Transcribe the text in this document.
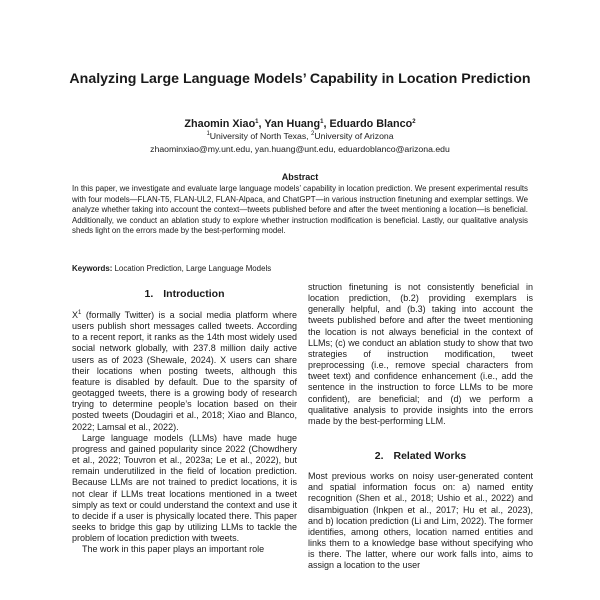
Analyzing Large Language Models’ Capability in Location Prediction
Zhaomin Xiao$^1$, Yan Huang$^1$, Eduardo Blanco$^2$
$^1$University of North Texas, $^2$University of Arizona
zhaominxiao@my.unt.edu, yan.huang@unt.edu, eduardoblanco@arizona.edu
Abstract
In this paper, we investigate and evaluate large language models’ capability in location prediction. We present experimental results with four models—FLAN-T5, FLAN-UL2, FLAN-Alpaca, and ChatGPT—in various instruction finetuning and exemplar settings. We analyze whether taking into account the context—tweets published before and after the tweet mentioning a location—is beneficial. Additionally, we conduct an ablation study to explore whether instruction modification is beneficial. Lastly, our qualitative analysis sheds light on the errors made by the best-performing model.
Keywords: Location Prediction, Large Language Models
1. Introduction

$X^1$ (formally Twitter) is a social media platform where users publish short messages called tweets. According to a recent report, it ranks as the 14th most widely used social network globally, with 237.8 million daily active users as of 2023 (Shewale, 2024). X users can share their locations when posting tweets, although this feature is disabled by default. Due to the sparsity of geotagged tweets, there is a growing body of research trying to determine people’s location based on their posted tweets (Doudagiri et al., 2018; Xiao and Blanco, 2022; Lamsal et al., 2022).

Large language models (LLMs) have made huge progress and gained popularity since 2022 (Chowdhery et al., 2022; Touvron et al., 2023a; Le et al., 2022), but remain underutilized in the field of location prediction. Because LLMs are not trained to predict locations, it is not clear if LLMs treat locations mentioned in a tweet simply as text or could understand the context and use it to decide if a user is physically located there. This paper seeks to bridge this gap by utilizing LLMs to tackle the problem of location prediction with tweets.

The work in this paper plays an important role

struction finetuning is not consistently beneficial in location prediction, (b.2) providing exemplars is generally helpful, and (b.3) taking into account the tweets published before and after the tweet mentioning the location is not always beneficial in the context of LLMs; (c) we conduct an ablation study to show that two strategies of instruction modification, tweet preprocessing (i.e., remove special characters from tweet text) and confidence enhancement (i.e., add the sentence in the instruction to force LLMs to be more confident), are beneficial; and (d) we perform a qualitative analysis to provide insights into the errors made by the best-performing LLM.

2. Related Works

Most previous works on noisy user-generated content and spatial information focus on: a) named entity recognition (Shen et al., 2018; Ushio et al., 2022) and disambiguation (Inkpen et al., 2017; Hu et al., 2023), and b) location prediction (Li and Lim, 2022). The former identifies, among others, location named entities and links them to a knowledge base without specifying who is there. The latter, where our work falls into, aims to assign a location to the user
